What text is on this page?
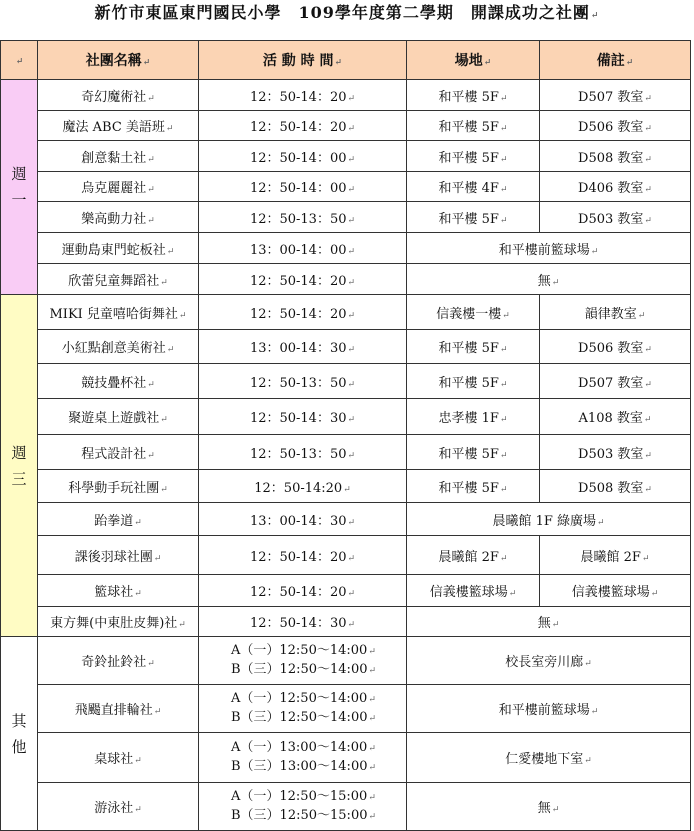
新竹市東區東門國民小學　109學年度第二學期　開課成功之社團 ↵
↵	社團名稱 ↵	活 動 時 間 ↵	場地 ↵	備註 ↵

週
一	奇幻魔術社 ↵	12：50-14：20 ↵	和平樓 5F ↵	D507 教室 ↵
	魔法 ABC 美語班 ↵	12：50-14：20 ↵	和平樓 5F ↵	D506 教室 ↵
	創意黏土社 ↵	12：50-14：00 ↵	和平樓 5F ↵	D508 教室 ↵
	烏克麗麗社 ↵	12：50-14：00 ↵	和平樓 4F ↵	D406 教室 ↵
	樂高動力社 ↵	12：50-13：50 ↵	和平樓 5F ↵	D503 教室 ↵
	運動島東門蛇板社 ↵	13：00-14：00 ↵	和平樓前籃球場 ↵
	欣蕾兒童舞蹈社 ↵	12：50-14：20 ↵	無 ↵

週
三	MIKI 兒童嘻哈街舞社 ↵	12：50-14：20 ↵	信義樓一樓 ↵	韻律教室 ↵
	小紅點創意美術社 ↵	13：00-14：30 ↵	和平樓 5F ↵	D506 教室 ↵
	競技疊杯社 ↵	12：50-13：50 ↵	和平樓 5F ↵	D507 教室 ↵
	聚遊桌上遊戲社 ↵	12：50-14：30 ↵	忠孝樓 1F ↵	A108 教室 ↵
	程式設計社 ↵	12：50-13：50 ↵	和平樓 5F ↵	D503 教室 ↵
	科學動手玩社團 ↵	12：50-14:20 ↵	和平樓 5F ↵	D508 教室 ↵
	跆拳道 ↵	13：00-14：30 ↵	晨曦館 1F 綠廣場 ↵
	課後羽球社團 ↵	12：50-14：20 ↵	晨曦館 2F ↵	晨曦館 2F ↵
	籃球社 ↵	12：50-14：20 ↵	信義樓籃球場 ↵	信義樓籃球場 ↵
	東方舞(中東肚皮舞)社 ↵	12：50-14：30 ↵	無 ↵

其
他	奇鈴扯鈴社 ↵	A（一）12:50～14:00 ↵
B（三）12:50～14:00 ↵	校長室旁川廊 ↵
	飛颺直排輪社 ↵	A（一）12:50～14:00 ↵
B（三）12:50～14:00 ↵	和平樓前籃球場 ↵
	桌球社 ↵	A（一）13:00～14:00 ↵
B（三）13:00～14:00 ↵	仁愛樓地下室 ↵
	游泳社 ↵	A（一）12:50～15:00 ↵
B（三）12:50～15:00 ↵	無 ↵
